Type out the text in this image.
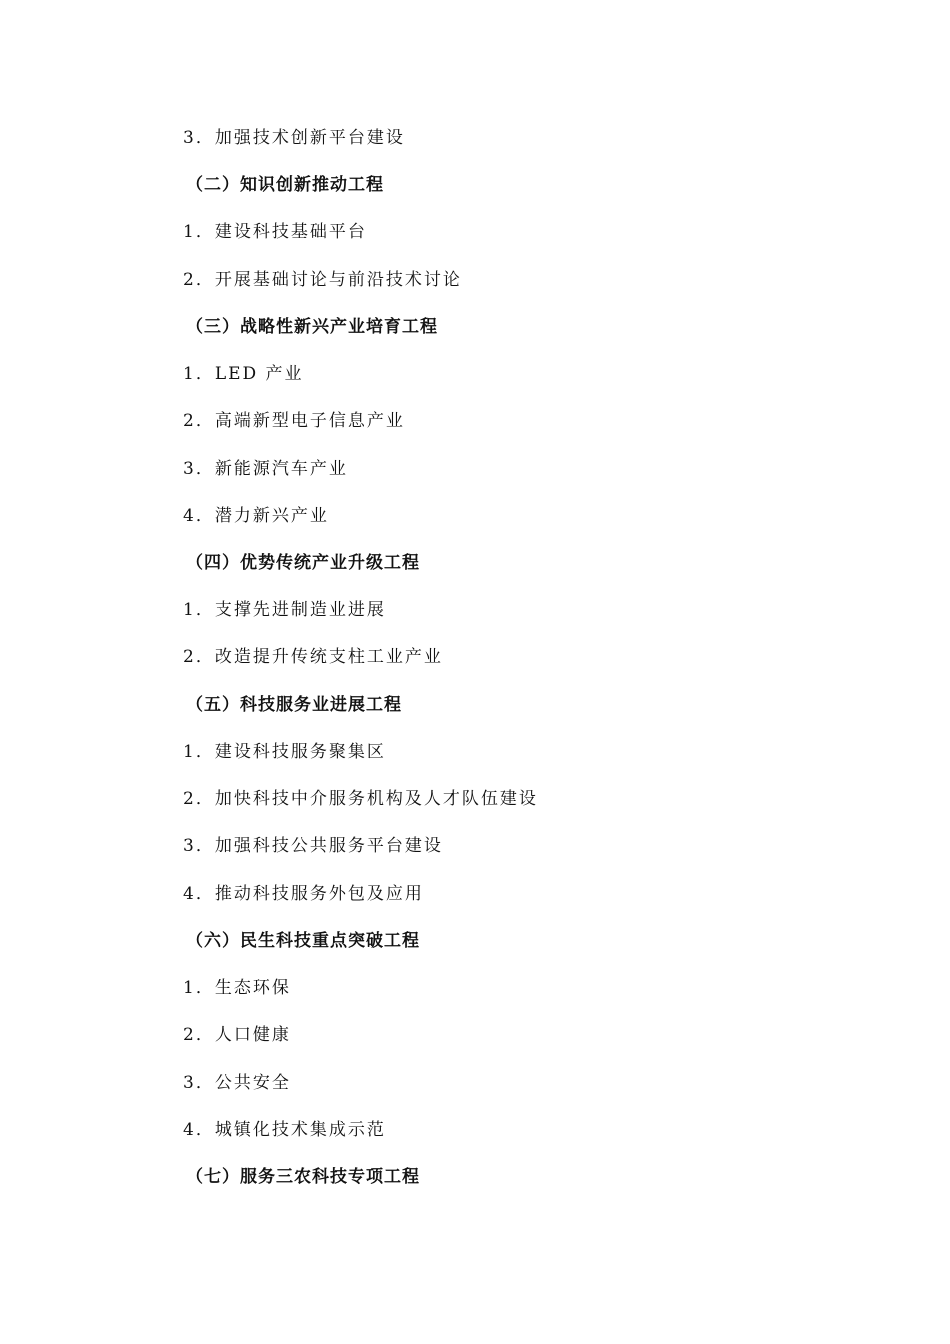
3．加强技术创新平台建设
（二）知识创新推动工程
1．建设科技基础平台
2．开展基础讨论与前沿技术讨论
（三）战略性新兴产业培育工程
1．LED 产业
2．高端新型电子信息产业
3．新能源汽车产业
4．潜力新兴产业
（四）优势传统产业升级工程
1．支撑先进制造业进展
2．改造提升传统支柱工业产业
（五）科技服务业进展工程
1．建设科技服务聚集区
2．加快科技中介服务机构及人才队伍建设
3．加强科技公共服务平台建设
4．推动科技服务外包及应用
（六）民生科技重点突破工程
1．生态环保
2．人口健康
3．公共安全
4．城镇化技术集成示范
（七）服务三农科技专项工程
